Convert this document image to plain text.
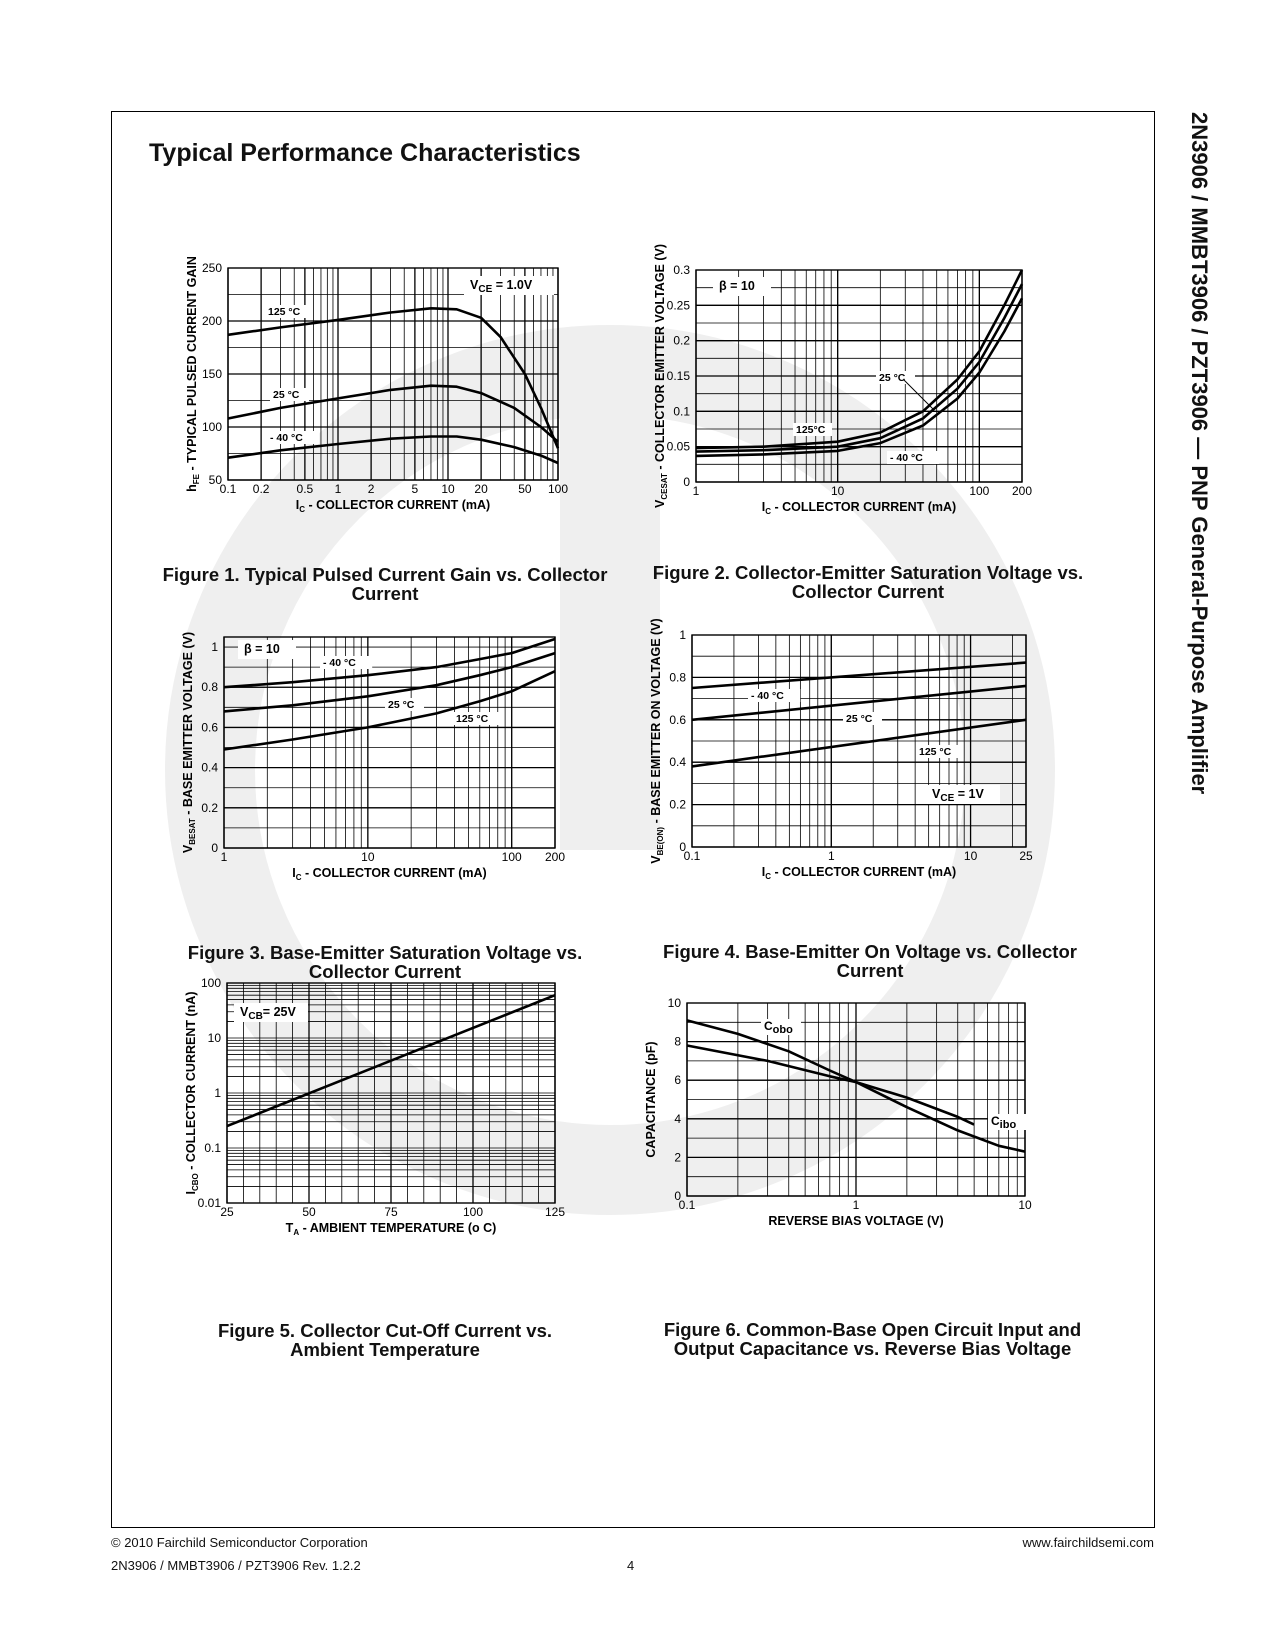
Typical Performance Characteristics	2N3906 / MMBT3906 / PZT3906 — PNP General-Purpose Amplifier
0.1 0.2 0.5 1 2	5 10 20	50 100
50
100
150
200
250
$I_C$ - COLLECTOR CURRENT (mA)
$h_{FE}$ - TYPICAL PULSED CURRENT GAIN	125 °C
25 °C
- 40 °C
$V_{CE} = 1.0V$
Figure 1. Typical Pulsed Current Gain vs. Collector Current
1	10	100 200
0
0.05
0.1
0.15
0.2
0.25
0.3
$I_C$ - COLLECTOR CURRENT (mA)
$V_{CESAT}$ - COLLECTOR EMITTER VOLTAGE (V)	25 °C
125°C
- 40 °C
β = 10
Figure 2. Collector-Emitter Saturation Voltage vs. Collector Current
1	10	100 200
0
0.2
0.4
0.6
0.8
1
$I_C$ - COLLECTOR CURRENT (mA)
$V_{BESAT}$ - BASE EMITTER VOLTAGE (V)	- 40 °C
25 °C
125 °C
β = 10
Figure 3. Base-Emitter Saturation Voltage vs. Collector Current
0.1	1	10	25
0
0.2
0.4
0.6
0.8
1
$I_C$ - COLLECTOR CURRENT (mA)
$V_{BE(ON)}$ - BASE EMITTER ON VOLTAGE (V)	- 40 °C
25 °C
125 °C
$V_{CE} = 1V$
Figure 4. Base-Emitter On Voltage vs. Collector Current
25	50	75	100	125
0.01
0.1
1
10
100
$T_A$ - AMBIENT TEMPERATURE (o C)
$I_{CBO}$ - COLLECTOR CURRENT (nA)	$V_{CB}= 25V$
Figure 5. Collector Cut-Off Current vs. Ambient Temperature
0.1	1	10
0
2
4
6
8
10
REVERSE BIAS VOLTAGE (V)
CAPACITANCE (pF)
Cobo
Cibo
Figure 6. Common-Base Open Circuit Input and Output Capacitance vs. Reverse Bias Voltage
© 2010 Fairchild Semiconductor Corporation
2N3906 / MMBT3906 / PZT3906 Rev. 1.2.2	4
www.fairchildsemi.com
